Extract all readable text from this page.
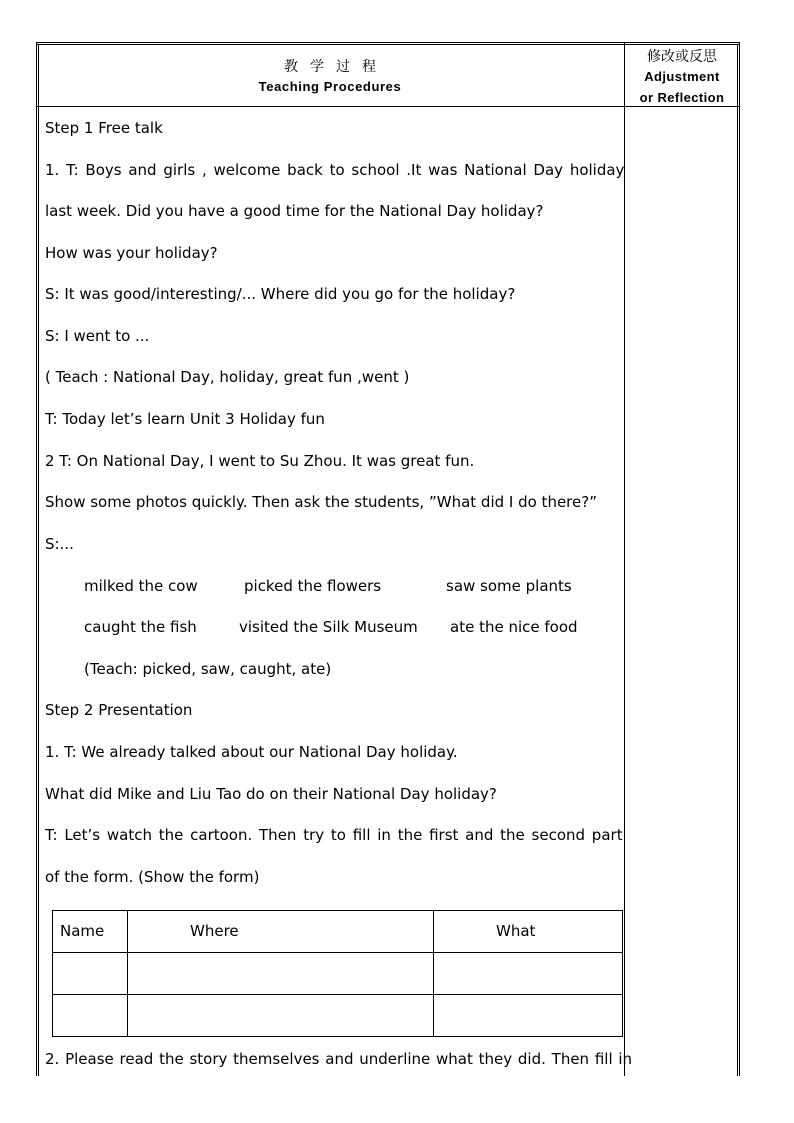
教学过程
Teaching Procedures
修改或反思
Adjustment
or Reflection
Step 1 Free talk
1. T: Boys and girls , welcome back to school .It was National Day holiday
last week. Did you have a good time for the National Day holiday?
How was your holiday?
S: It was good/interesting/... Where did you go for the holiday?
S: I went to ...
( Teach : National Day, holiday, great fun ,went )
T: Today let’s learn Unit 3 Holiday fun
2 T: On National Day, I went to Su Zhou. It was great fun.
Show some photos quickly. Then ask the students, ”What did I do there?”
S:...
milked the cow	picked the flowers	saw some plants
caught the fish	visited the Silk Museum ate the nice food
(Teach: picked, saw, caught, ate)
Step 2 Presentation
1. T: We already talked about our National Day holiday.
What did Mike and Liu Tao do on their National Day holiday?
T: Let’s watch the cartoon. Then try to fill in the first and the second part
of the form. (Show the form)
Name	Where	What
2. Please read the story themselves and underline what they did. Then fill in
